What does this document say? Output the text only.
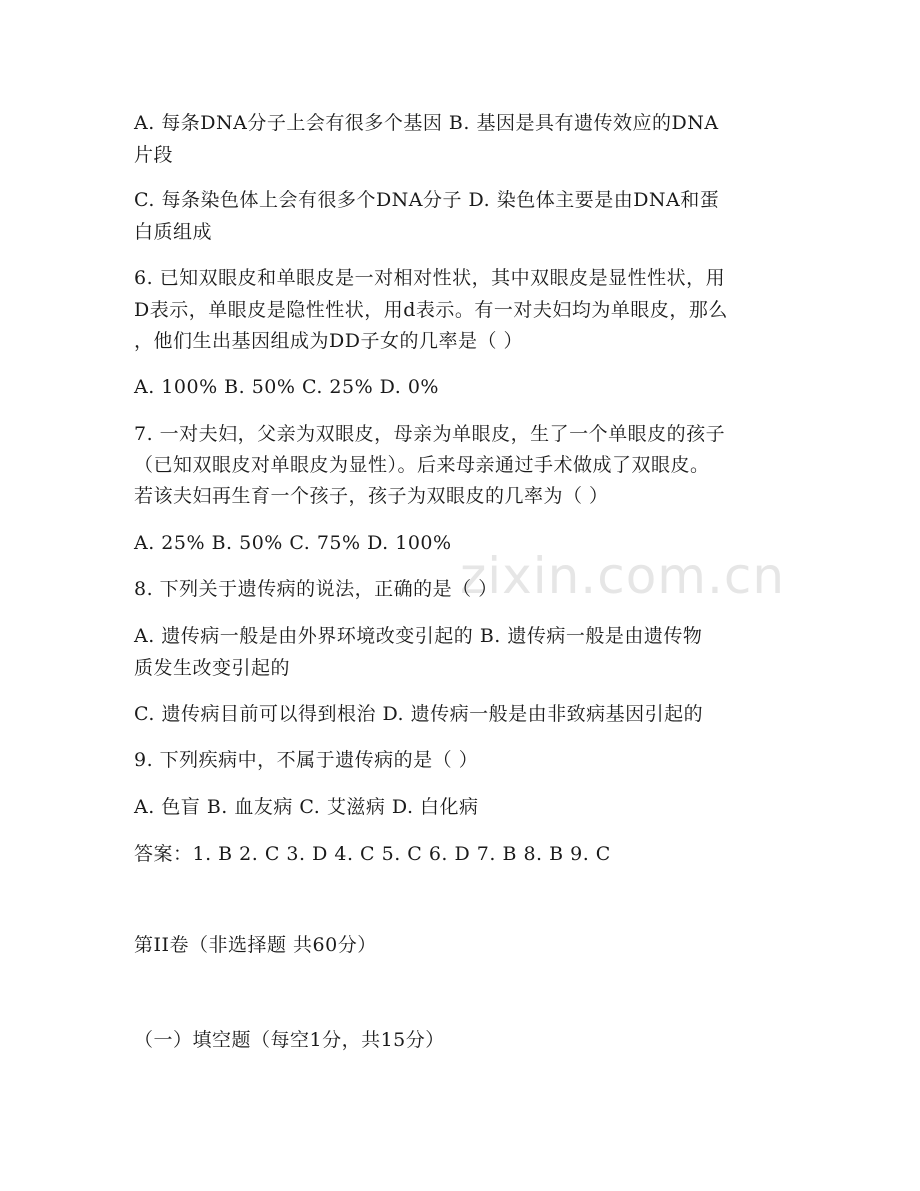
zixin.com.cn
A. 每条DNA分子上会有很多个基因 B. 基因是具有遗传效应的DNA
片段
C. 每条染色体上会有很多个DNA分子 D. 染色体主要是由DNA和蛋
白质组成
6. 已知双眼皮和单眼皮是一对相对性状，其中双眼皮是显性性状，用
D表示，单眼皮是隐性性状，用d表示。有一对夫妇均为单眼皮，那么
，他们生出基因组成为DD子女的几率是（ ）
A. 100% B. 50% C. 25% D. 0%
7. 一对夫妇，父亲为双眼皮，母亲为单眼皮，生了一个单眼皮的孩子
（已知双眼皮对单眼皮为显性）。后来母亲通过手术做成了双眼皮。
若该夫妇再生育一个孩子，孩子为双眼皮的几率为（ ）
A. 25% B. 50% C. 75% D. 100%
8. 下列关于遗传病的说法，正确的是（ ）
A. 遗传病一般是由外界环境改变引起的 B. 遗传病一般是由遗传物
质发生改变引起的
C. 遗传病目前可以得到根治 D. 遗传病一般是由非致病基因引起的
9. 下列疾病中，不属于遗传病的是（ ）
A. 色盲 B. 血友病 C. 艾滋病 D. 白化病
答案：1. B 2. C 3. D 4. C 5. C 6. D 7. B 8. B 9. C
第II卷（非选择题 共60分）
（一）填空题（每空1分，共15分）
